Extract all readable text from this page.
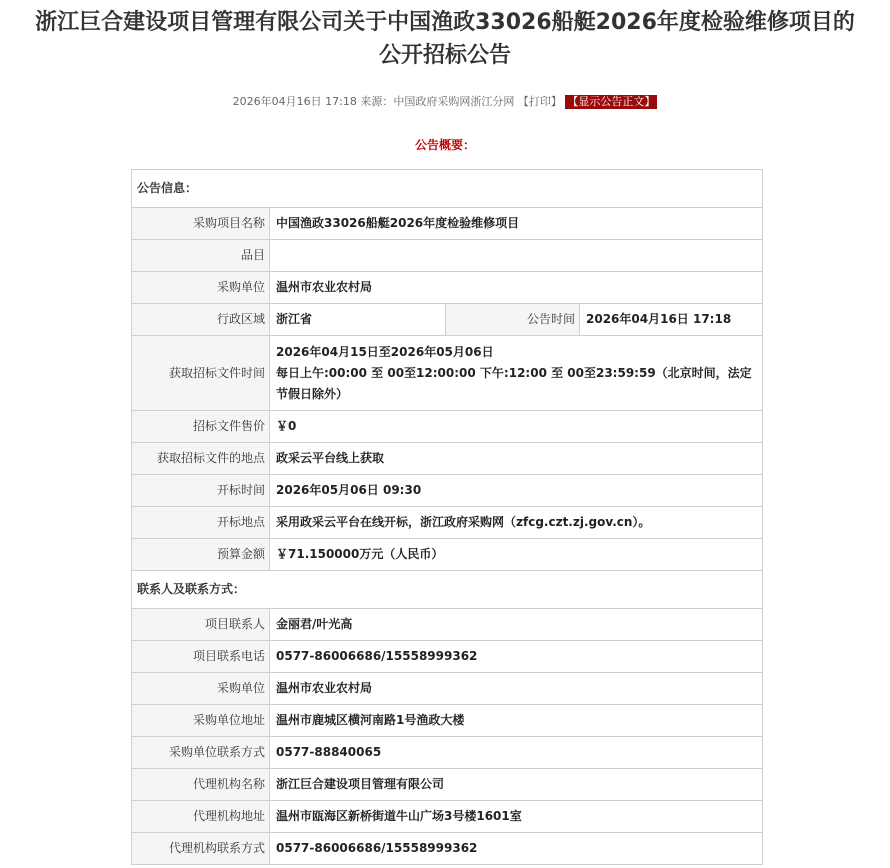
浙江巨合建设项目管理有限公司关于中国渔政33026船艇2026年度检验维修项目的
公开招标公告
2026年04月16日 17:18 来源：中国政府采购网浙江分网 【打印】 【显示公告正文】
公告概要：
公告信息：			
采购项目名称	中国渔政33026船艇2026年度检验维修项目		
品目			
采购单位	温州市农业农村局		
行政区域	浙江省	公告时间	2026年04月16日 17:18
获取招标文件时间	2026年04月15日至2026年05月06日
每日上午:00:00 至 00至12:00:00 下午:12:00 至 00至23:59:59（北京时间，法定节假日除外）		

招标文件售价	￥0		
获取招标文件的地点	政采云平台线上获取		
开标时间	2026年05月06日 09:30		
开标地点	采用政采云平台在线开标，浙江政府采购网（zfcg.czt.zj.gov.cn）。		
预算金额	￥71.150000万元（人民币）		
联系人及联系方式：			
项目联系人	金丽君/叶光高		
项目联系电话	0577-86006686/15558999362		
采购单位	温州市农业农村局		
采购单位地址	温州市鹿城区横河南路1号渔政大楼		
采购单位联系方式	0577-88840065		
代理机构名称	浙江巨合建设项目管理有限公司		
代理机构地址	温州市瓯海区新桥街道牛山广场3号楼1601室		
代理机构联系方式	0577-86006686/15558999362		
